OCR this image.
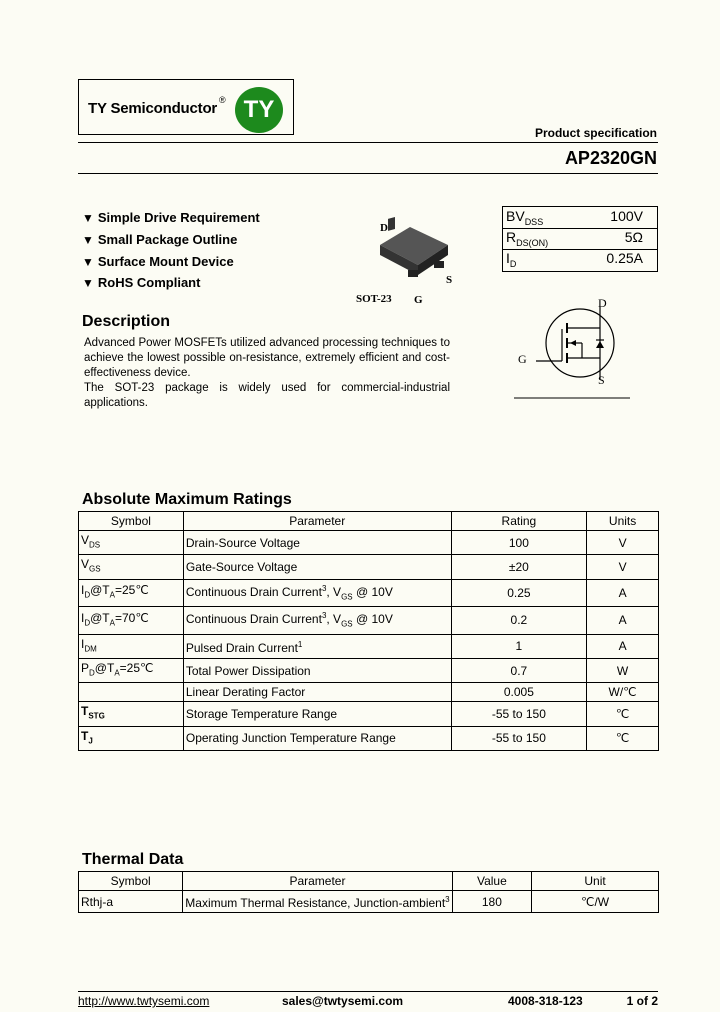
TY Semiconductor ® TY
Product specification
AP2320GN
▼ Simple Drive Requirement
▼ Small Package Outline
▼ Surface Mount Device
▼ RoHS Compliant
D
S
G
SOT-23
$BV_{DSS}$	100V
$R_{DS(ON)}$	5Ω
$I_D$	0.25A
D
G
S
Description

Advanced Power MOSFETs utilized advanced processing techniques to achieve the lowest possible on-resistance, extremely efficient and cost-effectiveness device.

The SOT-23 package is widely used for commercial-industrial applications.

Absolute Maximum Ratings
Symbol	Parameter	Rating	Units
$V_{DS}$	Drain-Source Voltage	100	V
$V_{GS}$	Gate-Source Voltage	±20	V
$I_D@T_A=25℃$	Continuous Drain Current$^3$, $V_{GS}$ @ 10V	0.25	A
$I_D@T_A=70℃$	Continuous Drain Current$^3$, $V_{GS}$ @ 10V	0.2	A
$I_{DM}$	Pulsed Drain Current$^1$	1	A
$P_D@T_A=25℃$	Total Power Dissipation	0.7	W
	Linear Derating Factor	0.005	W/℃
$T_{STG}$	Storage Temperature Range	-55 to 150	℃
$T_J$	Operating Junction Temperature Range	-55 to 150	℃
Thermal Data
Symbol	Parameter	Value	Unit
Rthj-a	Maximum Thermal Resistance, Junction-ambient$^3$	180	℃/W
http://www.twtysemi.com	sales@twtysemi.com	4008-318-123	1 of 2
